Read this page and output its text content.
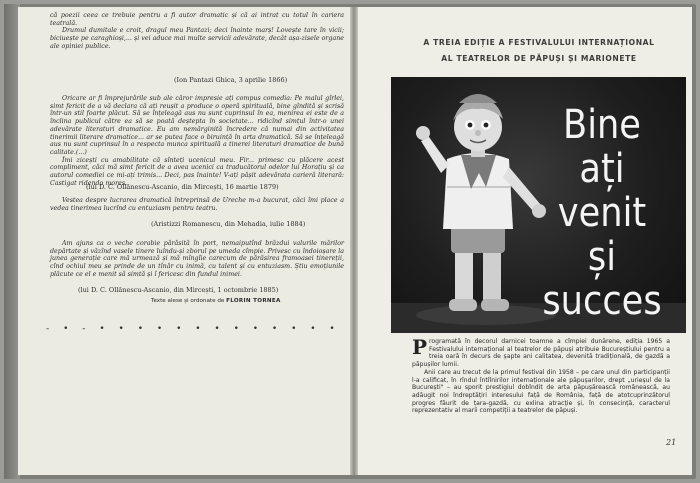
că poezii ceea ce trebuie pentru a fi autor dramatic și că ai intrat cu totul în cariera teatrală.

Drumul dumitale e croit, dragul meu Pantazi; deci înainte marș! Lovește tare în vicii; biciuește pe caraghioși,... și vei aduce mai multe servicii adevărate, decât așa-zisele organe ale opiniei publice.

(Ion Pantazi Ghica, 3 aprilie 1866)

Oricare ar fi împrejurările sub ale căror impresie ați compus comedia: Pe malul gîrlei, simt fericit de a vă declara că ați reușit a produce o operă spirituală, bine gîndită și scrisă într-un stil foarte plăcut. Să se înțeleagă aus nu sunt cuprinsul în ea, menirea ei este de a înclina publicul către ea să se poată deștepta în societate... ridicînd simțul într-o unei adevărate literaturi dramatice. Eu am nemărginită încredere că numai din activitatea tinerimii literare dramatice... ar se putea face o biruință în arta dramatică. Să se înțeleagă aus nu sunt cuprinsul în a respecta munca spirituală a tinerei literaturi dramatice de bună calitate.(...)

Îmi zicești cu amabilitate că sînteți ucenicul meu. Fir... primesc cu plăcere acest compliment, căci mă simt fericit de a avea ucenici ca traducătorul odelor lui Horațiu și ca autorul comediei ce mi-ați trimis... Deci, pas înainte! V-ați pășit adevărata carieră literară: Castigat ridendo mores.

(lui D. C. Ollănescu-Ascanio, din Mircești, 16 martie 1879)

Vestea despre lucrarea dramatică întreprinsă de Ureche m-a bucurat, căci îmi place a vedea tinerimea lucrînd cu entuziasm pentru teatru.

(Aristizzi Romanescu, din Mehadia, iulie 1884)

Am ajuns ca o veche corabie părăsită în port, nemaiputînd brăzdui valurile mărilor depărtate și văzînd vasele tinere luîndu-și zborul pe umeda cîmpie. Privesc cu îndoioșare la junea generație care mă urmează și mă mîngîie carecum de părăsirea framoasei tinereții, cînd ochiul meu se prinde de un tînăr cu inimă, cu talent și cu entuziasm. Știu emoțiunile plăcute ce el e menit să simtă și î fericesc din fundul inimei.

(lui D. C. Ollănescu-Ascanio, din Mircești, 1 octombrie 1885)
Texte alese și ordonate de FLORIN TORNEA
- • - • • • • • • • • • • • • •
A TREIA EDIȚIE A FESTIVALULUI INTERNAȚIONAL
AL TEATRELOR DE PĂPUȘI ȘI MARIONETE
Bine
ați venit
și
succes

Programată în decorul darnicei toamne a cîmpiei dunărene, ediția 1965 a Festivalului internațional al teatrelor de păpuși atribuie Bucureștiului pentru a treia oară în decurs de șapte ani calitatea, devenită tradițională, de gazdă a păpușilor lumii.

Anii care au trecut de la primul festival din 1958 – pe care unul din participanții l-a calificat, în rîndul întîlnirilor internaționale ale păpușarilor, drept „urieșul de la București" – au sporit prestigiul dobîndit de arta păpușărească românească, au adăugit noi îndreptățiri interesului față de România, față de atotcuprinzătorul progres făurit de țara-gazdă, cu exlina atracție și, în consecință, caracterul reprezentativ al marii competiții a teatrelor de păpuși.

21
